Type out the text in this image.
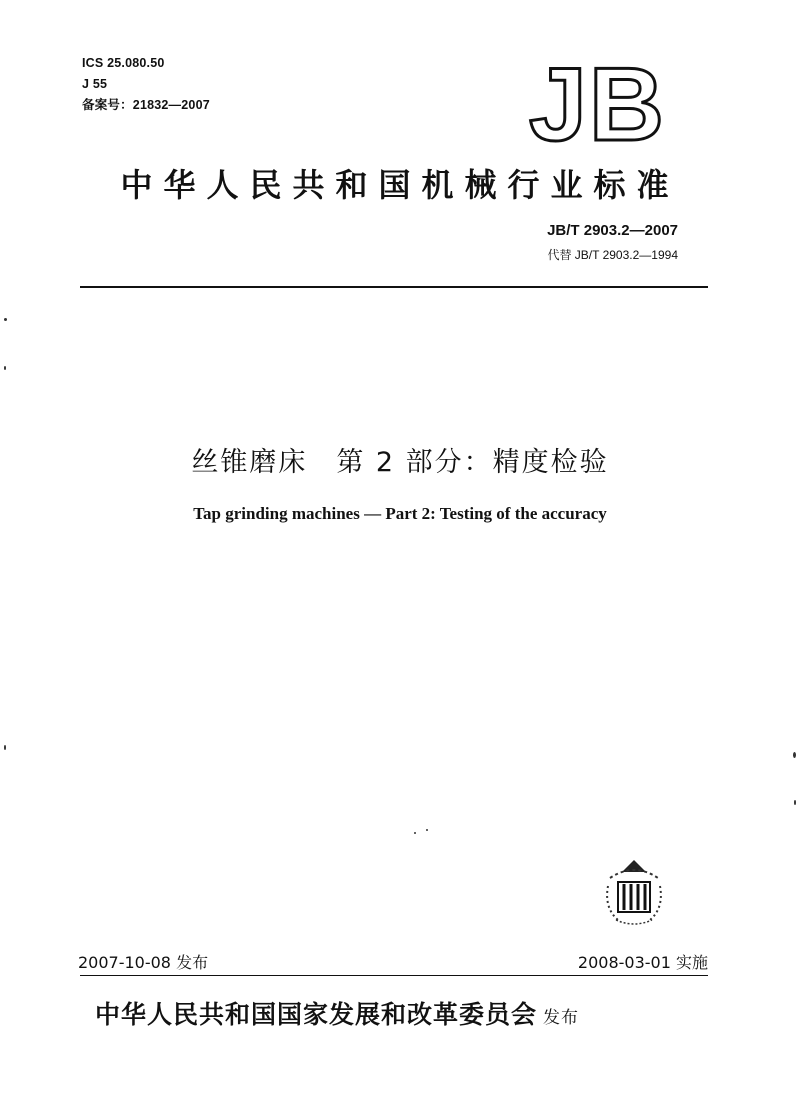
ICS 25.080.50
J 55
备案号：21832—2007	JB
中华人民共和国机械行业标准
JB/T 2903.2—2007
代替 JB/T 2903.2—1994
丝锥磨床　第 2 部分：精度检验
Tap grinding machines — Part 2: Testing of the accuracy
2007-10-08 发布	2008-03-01 实施
中华人民共和国国家发展和改革委员会 发布
